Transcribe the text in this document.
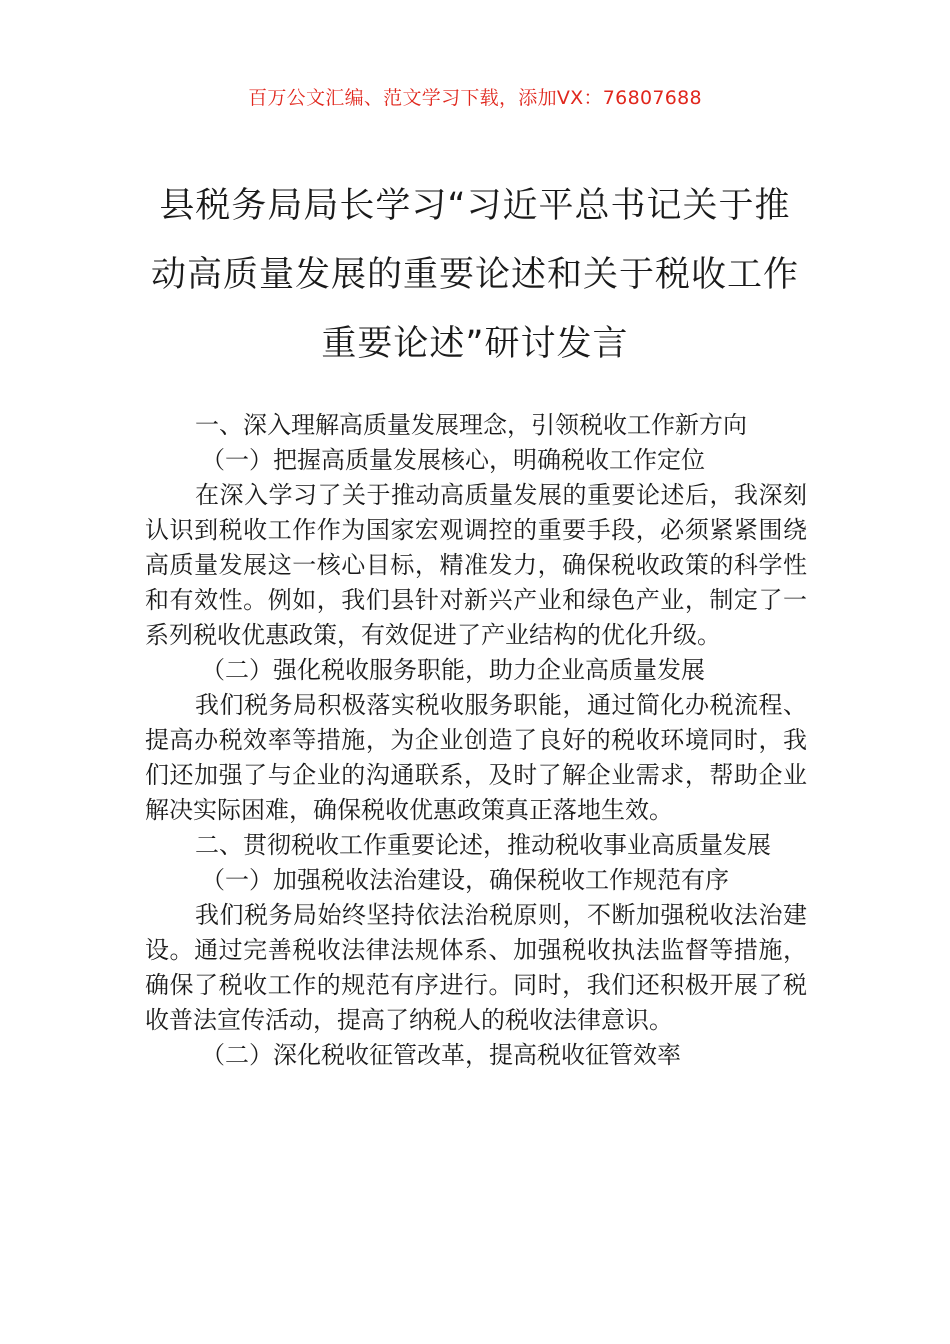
百万公文汇编、范文学习下载，添加VX：76807688
县税务局局长学习“习近平总书记关于推
动高质量发展的重要论述和关于税收工作
重要论述”研讨发言

一、深入理解高质量发展理念，引领税收工作新方向

（一）把握高质量发展核心，明确税收工作定位

在深入学习了关于推动高质量发展的重要论述后，我深刻认识到税收工作作为国家宏观调控的重要手段，必须紧紧围绕高质量发展这一核心目标，精准发力，确保税收政策的科学性和有效性。例如，我们县针对新兴产业和绿色产业，制定了一系列税收优惠政策，有效促进了产业结构的优化升级。

（二）强化税收服务职能，助力企业高质量发展

我们税务局积极落实税收服务职能，通过简化办税流程、提高办税效率等措施，为企业创造了良好的税收环境同时，我们还加强了与企业的沟通联系，及时了解企业需求，帮助企业解决实际困难，确保税收优惠政策真正落地生效。

二、贯彻税收工作重要论述，推动税收事业高质量发展

（一）加强税收法治建设，确保税收工作规范有序

我们税务局始终坚持依法治税原则，不断加强税收法治建设。通过完善税收法律法规体系、加强税收执法监督等措施，确保了税收工作的规范有序进行。同时，我们还积极开展了税收普法宣传活动，提高了纳税人的税收法律意识。

（二）深化税收征管改革，提高税收征管效率
